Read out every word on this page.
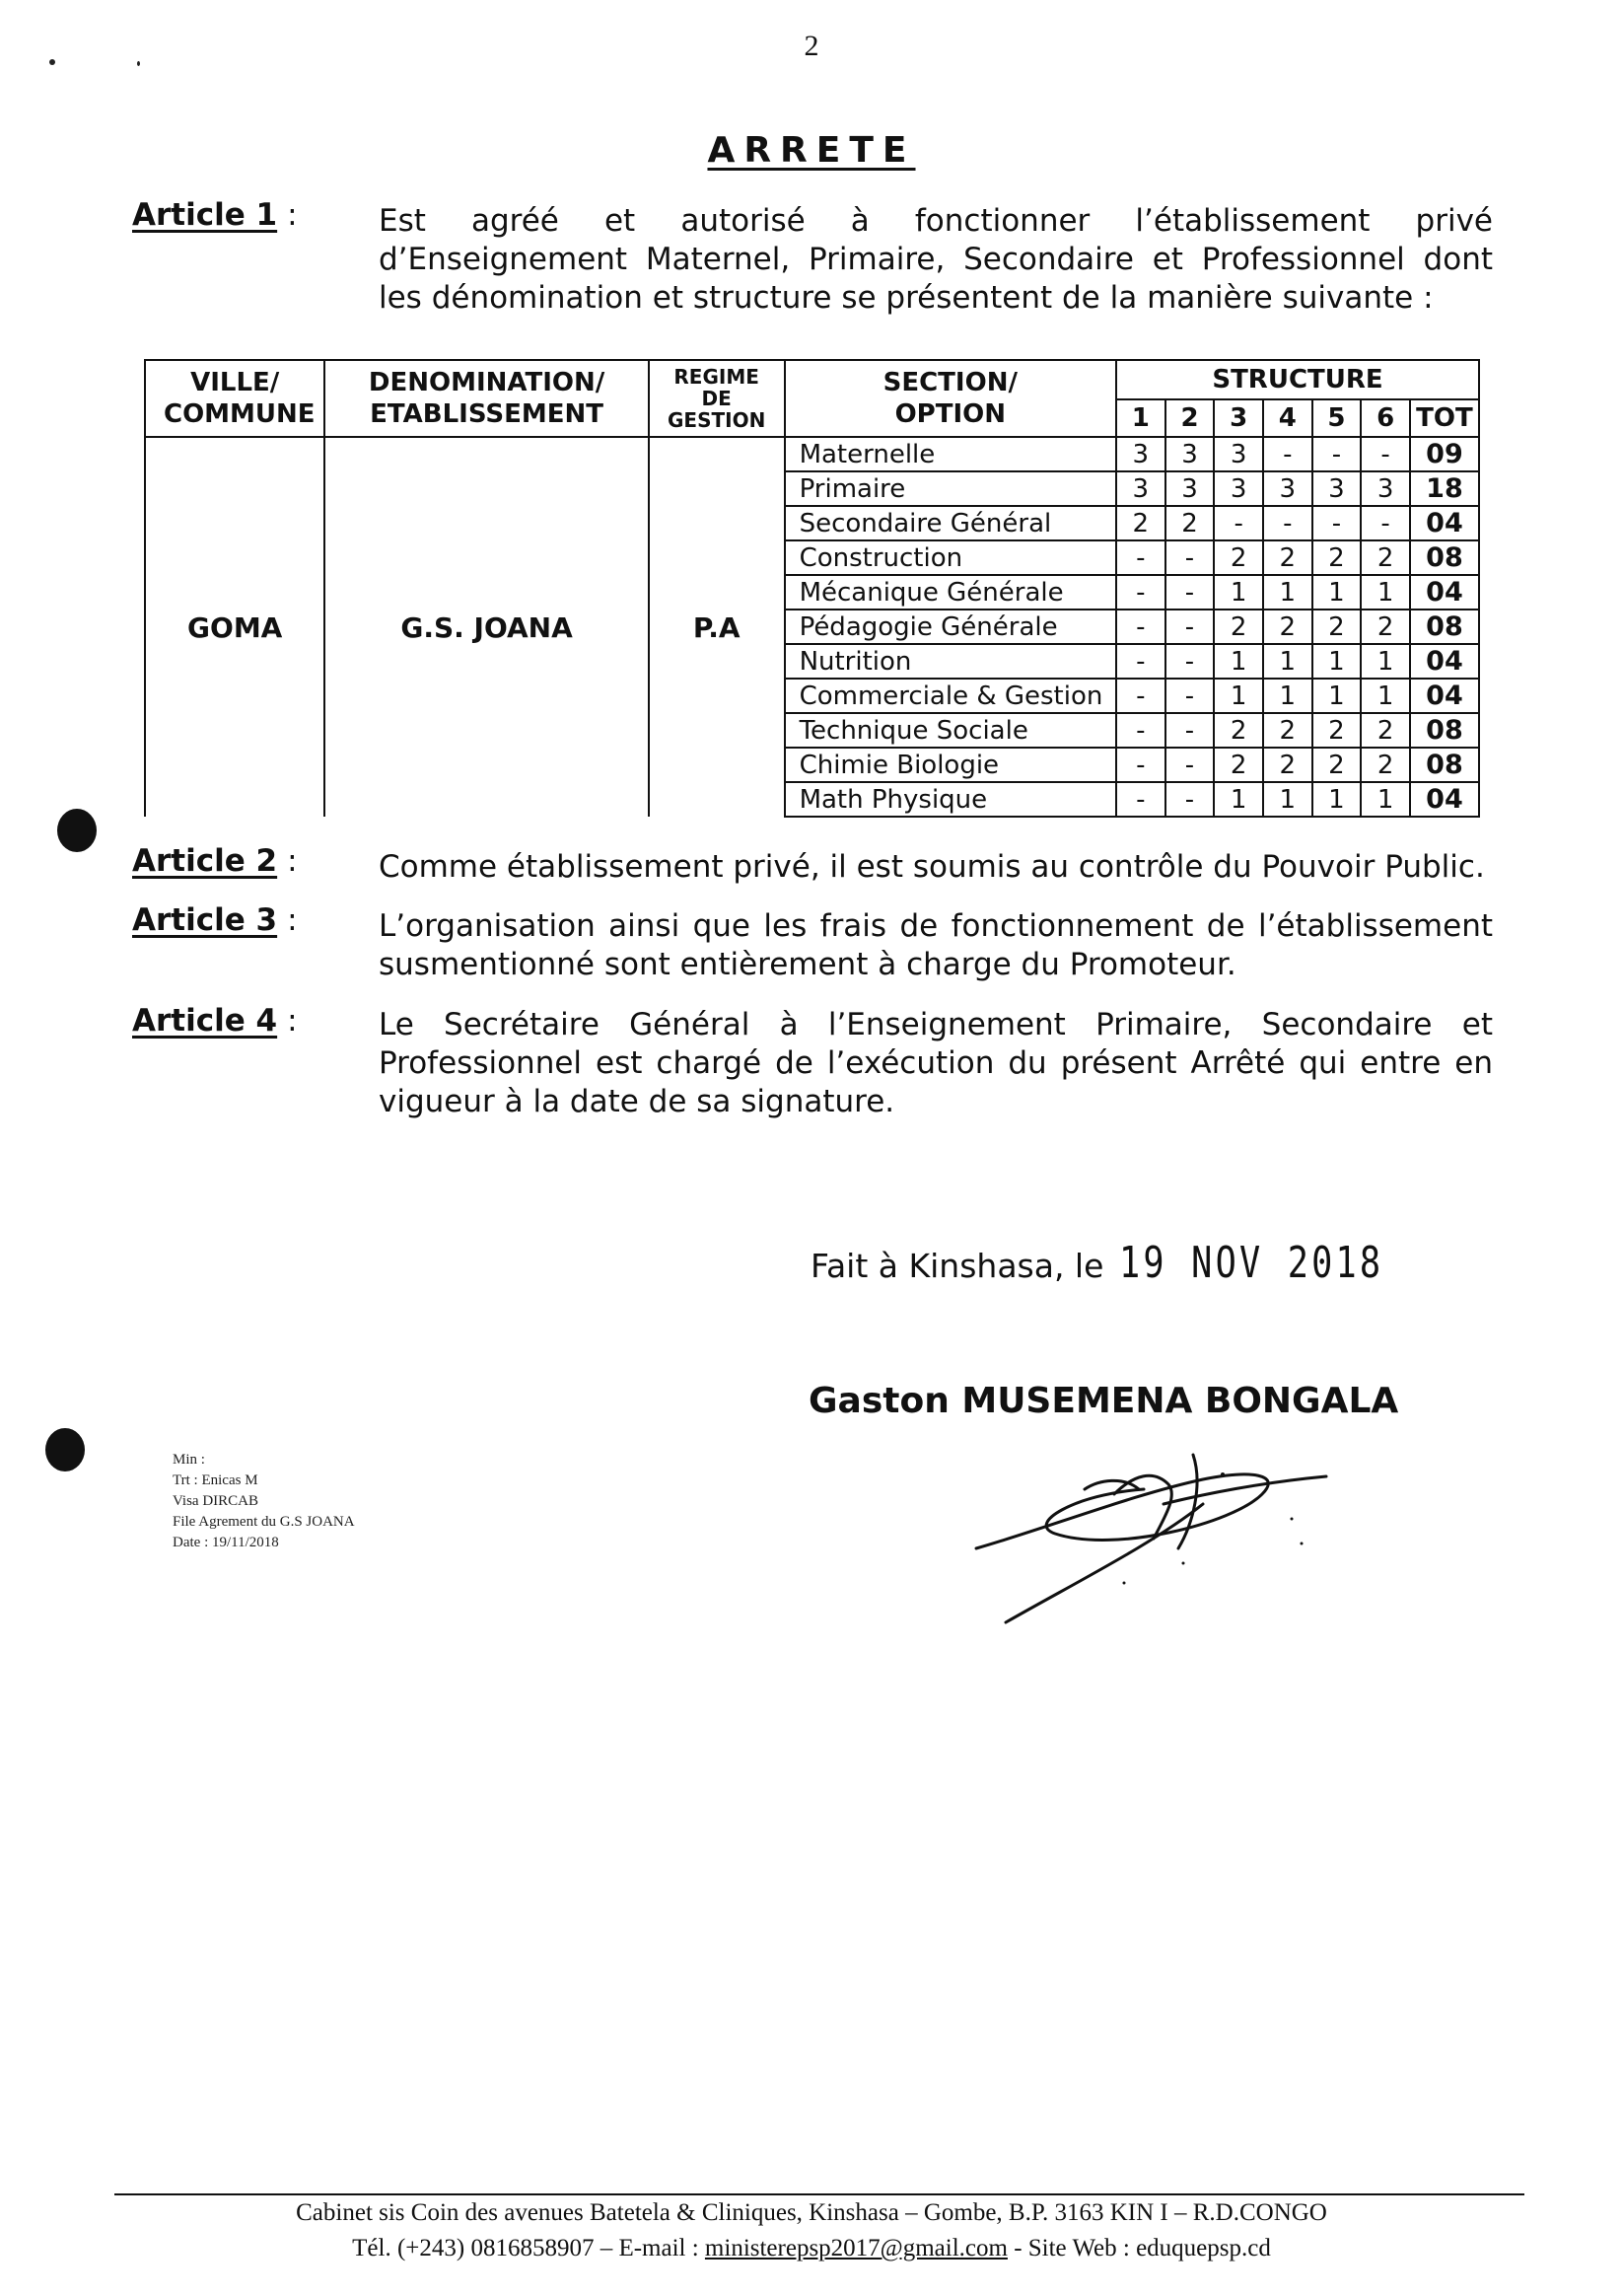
2
ARRETE
Article 1 :	Est agréé et autorisé à fonctionner l’établissement privé d’Enseignement Maternel, Primaire, Secondaire et Professionnel dont les dénomination et structure se présentent de la manière suivante :
VILLE/ COMMUNE	DENOMINATION/ ETABLISSEMENT	REGIME DE GESTION	SECTION/ OPTION	STRUCTURE						
				1	2	3	4	5	6	TOT
GOMA	G.S. JOANA	P.A	Maternelle	3	3	3	-	-	-	09
			Primaire	3	3	3	3	3	3	18
			Secondaire Général	2	2	-	-	-	-	04
			Construction	-	-	2	2	2	2	08
			Mécanique Générale	-	-	1	1	1	1	04
			Pédagogie Générale	-	-	2	2	2	2	08
			Nutrition	-	-	1	1	1	1	04
			Commerciale & Gestion	-	-	1	1	1	1	04
			Technique Sociale	-	-	2	2	2	2	08
			Chimie Biologie	-	-	2	2	2	2	08
			Math Physique	-	-	1	1	1	1	04
Article 2 :	Comme établissement privé, il est soumis au contrôle du Pouvoir Public.
Article 3 :	L’organisation ainsi que les frais de fonctionnement de l’établissement susmentionné sont entièrement à charge du Promoteur.
Article 4 :	Le Secrétaire Général à l’Enseignement Primaire, Secondaire et Professionnel est chargé de l’exécution du présent Arrêté qui entre en vigueur à la date de sa signature.
Fait à Kinshasa, le 19 NOV 2018
Gaston MUSEMENA BONGALA
Min :
Trt : Enicas M
Visa DIRCAB
File Agrement du G.S JOANA
Date : 19/11/2018
Cabinet sis Coin des avenues Batetela & Cliniques, Kinshasa – Gombe, B.P. 3163 KIN I – R.D.CONGO
Tél. (+243) 0816858907 – E-mail : ministerepsp2017@gmail.com - Site Web : eduquepsp.cd
